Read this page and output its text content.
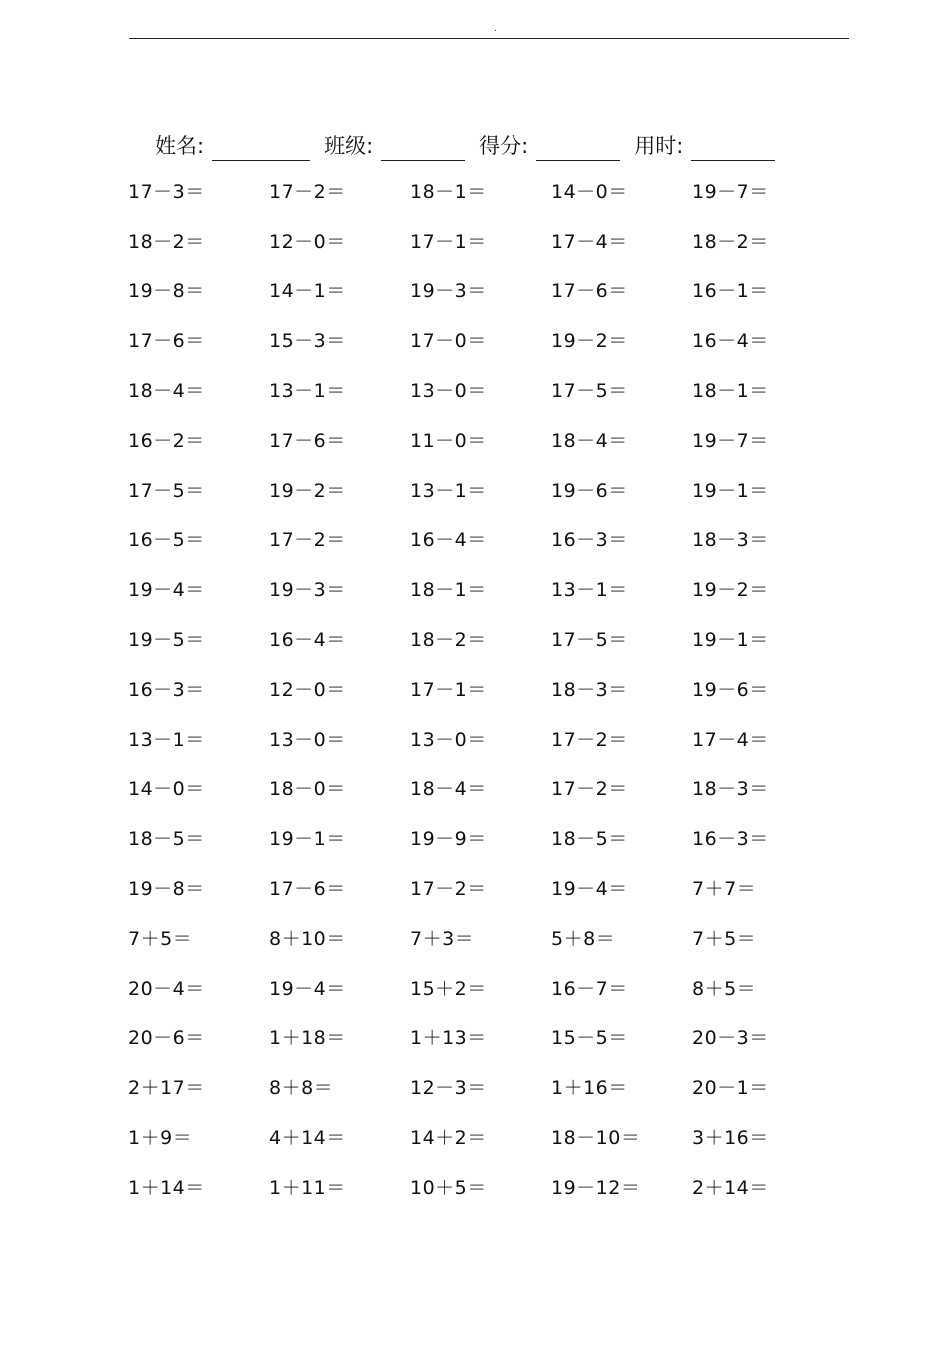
.
姓名:	班级:	得分:	用时:
17－3＝	17－2＝	18－1＝	14－0＝	19－7＝
18－2＝	12－0＝	17－1＝	17－4＝	18－2＝
19－8＝	14－1＝	19－3＝	17－6＝	16－1＝
17－6＝	15－3＝	17－0＝	19－2＝	16－4＝
18－4＝	13－1＝	13－0＝	17－5＝	18－1＝
16－2＝	17－6＝	11－0＝	18－4＝	19－7＝
17－5＝	19－2＝	13－1＝	19－6＝	19－1＝
16－5＝	17－2＝	16－4＝	16－3＝	18－3＝
19－4＝	19－3＝	18－1＝	13－1＝	19－2＝
19－5＝	16－4＝	18－2＝	17－5＝	19－1＝
16－3＝	12－0＝	17－1＝	18－3＝	19－6＝
13－1＝	13－0＝	13－0＝	17－2＝	17－4＝
14－0＝	18－0＝	18－4＝	17－2＝	18－3＝
18－5＝	19－1＝	19－9＝	18－5＝	16－3＝
19－8＝	17－6＝	17－2＝	19－4＝	7＋7＝
7＋5＝	8＋10＝	7＋3＝	5＋8＝	7＋5＝
20－4＝	19－4＝	15＋2＝	16－7＝	8＋5＝
20－6＝	1＋18＝	1＋13＝	15－5＝	20－3＝
2＋17＝	8＋8＝	12－3＝	1＋16＝	20－1＝
1＋9＝	4＋14＝	14＋2＝	18－10＝	3＋16＝
1＋14＝	1＋11＝	10＋5＝	19－12＝	2＋14＝
